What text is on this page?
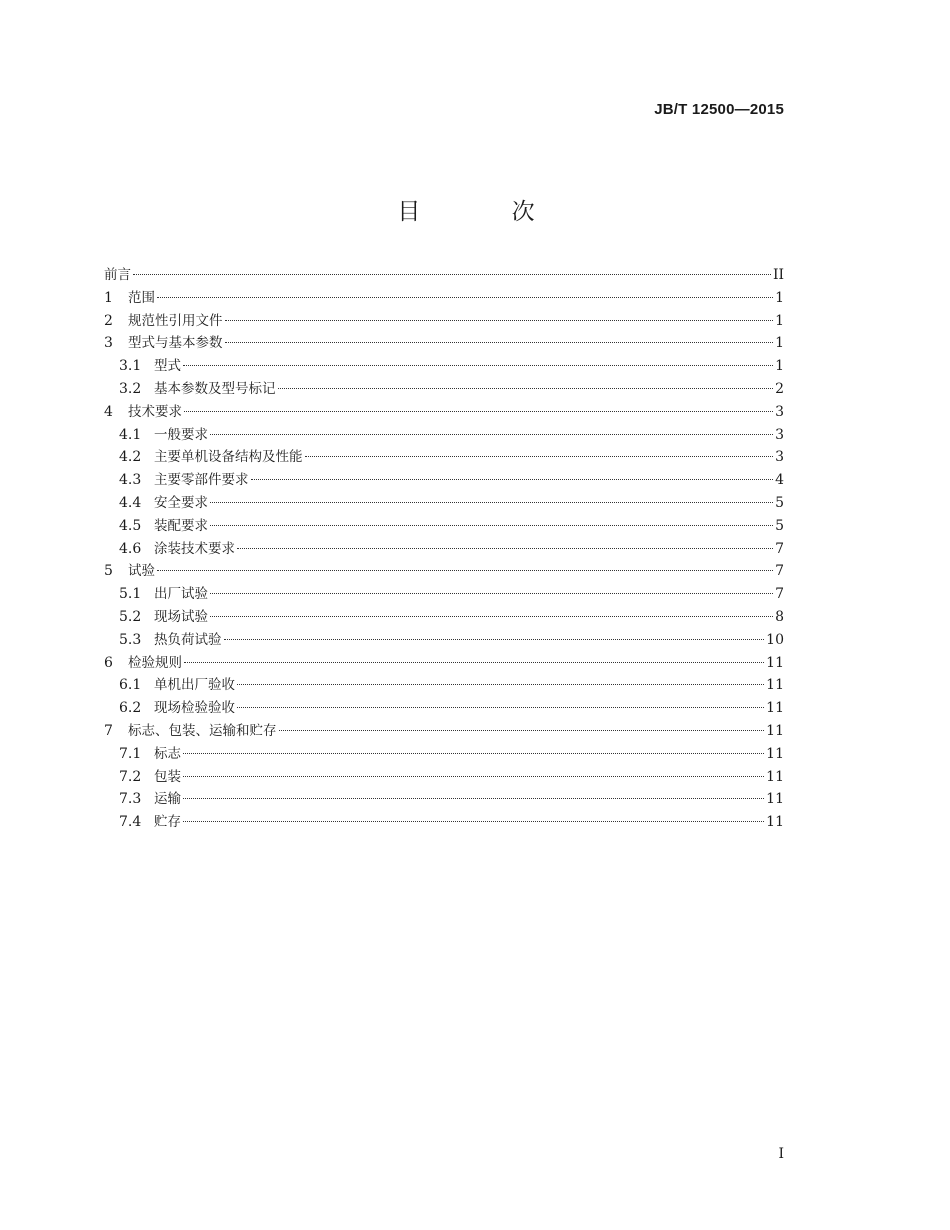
JB/T 12500—2015
目 次
前言	II
1	范围	1
2	规范性引用文件	1
3	型式与基本参数	1
3.1 型式	1
3.2 基本参数及型号标记	2
4	技术要求	3
4.1 一般要求	3
4.2 主要单机设备结构及性能	3
4.3 主要零部件要求	4
4.4 安全要求	5
4.5 装配要求	5
4.6 涂装技术要求	7
5	试验	7
5.1 出厂试验	7
5.2 现场试验	8
5.3 热负荷试验	10
6	检验规则	11
6.1 单机出厂验收	11
6.2 现场检验验收	11
7	标志、包装、运输和贮存	11
7.1 标志	11
7.2 包装	11
7.3 运输	11
7.4 贮存	11
I
